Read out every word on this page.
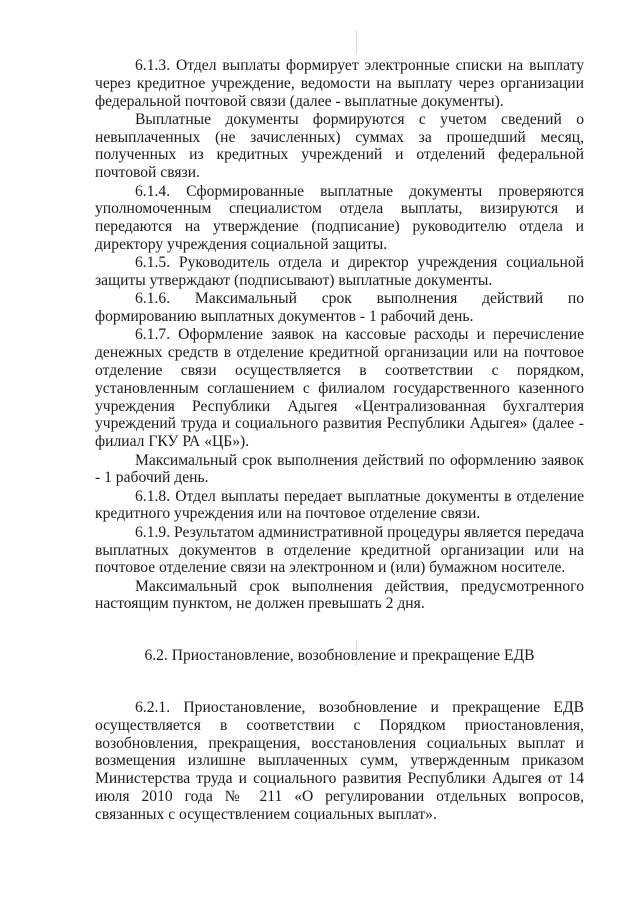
6.1.3. Отдел выплаты формирует электронные списки на выплату через кредитное учреждение, ведомости на выплату через организации федеральной почтовой связи (далее - выплатные документы).

Выплатные документы формируются с учетом сведений о невыплаченных (не зачисленных) суммах за прошедший месяц, полученных из кредитных учреждений и отделений федеральной почтовой связи.

6.1.4. Сформированные выплатные документы проверяются уполномоченным специалистом отдела выплаты, визируются и передаются на утверждение (подписание) руководителю отдела и директору учреждения социальной защиты.

6.1.5. Руководитель отдела и директор учреждения социальной защиты утверждают (подписывают) выплатные документы.

6.1.6. Максимальный срок выполнения действий по формированию выплатных документов - 1 рабочий день.

6.1.7. Оформление заявок на кассовые расходы и перечисление денежных средств в отделение кредитной организации или на почтовое отделение связи осуществляется в соответствии с порядком, установленным соглашением с филиалом государственного казенного учреждения Республики Адыгея «Централизованная бухгалтерия учреждений труда и социального развития Республики Адыгея» (далее - филиал ГКУ РА «ЦБ»).

Максимальный срок выполнения действий по оформлению заявок - 1 рабочий день.

6.1.8. Отдел выплаты передает выплатные документы в отделение кредитного учреждения или на почтовое отделение связи.

6.1.9. Результатом административной процедуры является передача выплатных документов в отделение кредитной организации или на почтовое отделение связи на электронном и (или) бумажном носителе.

Максимальный срок выполнения действия, предусмотренного настоящим пунктом, не должен превышать 2 дня.

6.2. Приостановление, возобновление и прекращение ЕДВ

6.2.1. Приостановление, возобновление и прекращение ЕДВ осуществляется в соответствии с Порядком приостановления, возобновления, прекращения, восстановления социальных выплат и возмещения излишне выплаченных сумм, утвержденным приказом Министерства труда и социального развития Республики Адыгея от 14 июля 2010 года № 211 «О регулировании отдельных вопросов, связанных с осуществлением социальных выплат».
